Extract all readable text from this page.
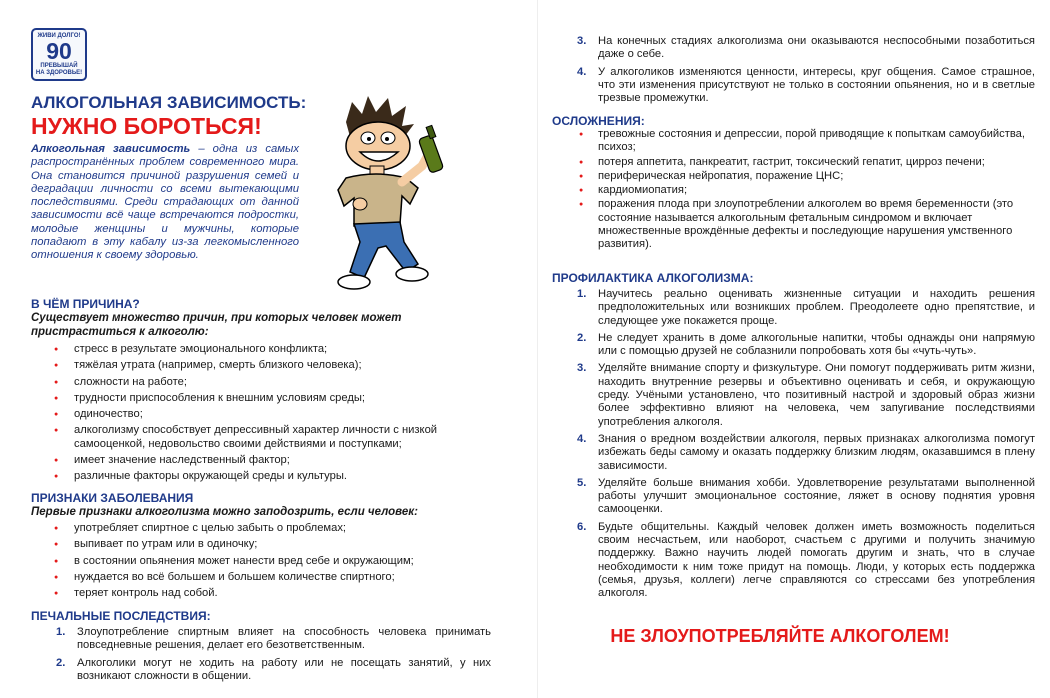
ЖИВИ ДОЛГО!
90
ПРЕВЫШАЙ
НА ЗДОРОВЬЕ!
АЛКОГОЛЬНАЯ ЗАВИСИМОСТЬ:
НУЖНО БОРОТЬСЯ!

Алкогольная зависимость – одна из самых распространённых проблем современного мира. Она становится причиной разрушения семей и деградации личности со всеми вытекающими последствиями. Среди страдающих от данной зависимости всё чаще встречаются подростки, молодые женщины и мужчины, которые попадают в эту кабалу из-за легкомысленного отношения к своему здоровью.

В ЧЁМ ПРИЧИНА?
Существует множество причин, при которых человек может пристраститься к алкоголю:
● стресс в результате эмоционального конфликта;
● тяжёлая утрата (например, смерть близкого человека);
● сложности на работе;
● трудности приспособления к внешним условиям среды;
● одиночество;
● алкоголизму способствует депрессивный характер личности с низкой самооценкой, недовольство своими действиями и поступками;
● имеет значение наследственный фактор;
● различные факторы окружающей среды и культуры.
ПРИЗНАКИ ЗАБОЛЕВАНИЯ
Первые признаки алкоголизма можно заподозрить, если человек:
● употребляет спиртное с целью забыть о проблемах;
● выпивает по утрам или в одиночку;
● в состоянии опьянения может нанести вред себе и окружающим;
● нуждается во всё большем и большем количестве спиртного;
● теряет контроль над собой.
ПЕЧАЛЬНЫЕ ПОСЛЕДСТВИЯ:
1. Злоупотребление спиртным влияет на способность человека принимать повседневные решения, делает его безответственным.
2. Алкоголики могут не ходить на работу или не посещать занятий, у них возникают сложности в общении.
3. На конечных стадиях алкоголизма они оказываются неспособными позаботиться даже о себе.
4. У алкоголиков изменяются ценности, интересы, круг общения. Самое страшное, что эти изменения присутствуют не только в состоянии опьянения, но и в светлые трезвые промежутки.
ОСЛОЖНЕНИЯ:
● тревожные состояния и депрессии, порой приводящие к попыткам самоубийства, психоз;
● потеря аппетита, панкреатит, гастрит, токсический гепатит, цирроз печени;
● периферическая нейропатия, поражение ЦНС;
● кардиомиопатия;
● поражения плода при злоупотреблении алкоголем во время беременности (это состояние называется алкогольным фетальным синдромом и включает множественные врождённые дефекты и последующие нарушения умственного развития).
ПРОФИЛАКТИКА АЛКОГОЛИЗМА:
1. Научитесь реально оценивать жизненные ситуации и находить решения предположительных или возникших проблем. Преодолеете одно препятствие, и следующее уже покажется проще.
2. Не следует хранить в доме алкогольные напитки, чтобы однажды они напрямую или с помощью друзей не соблазнили попробовать хотя бы «чуть-чуть».
3. Уделяйте внимание спорту и физкультуре. Они помогут поддерживать ритм жизни, находить внутренние резервы и объективно оценивать и себя, и окружающую среду. Учёными установлено, что позитивный настрой и здоровый образ жизни более эффективно влияют на человека, чем запугивание последствиями употребления алкоголя.
4. Знания о вредном воздействии алкоголя, первых признаках алкоголизма помогут избежать беды самому и оказать поддержку близким людям, оказавшимся в плену зависимости.
5. Уделяйте больше внимания хобби. Удовлетворение результатами выполненной работы улучшит эмоциональное состояние, ляжет в основу поднятия уровня самооценки.
6. Будьте общительны. Каждый человек должен иметь возможность поделиться своим несчастьем, или наоборот, счастьем с другими и получить значимую поддержку. Важно научить людей помогать другим и знать, что в случае необходимости к ним тоже придут на помощь. Люди, у которых есть поддержка (семья, друзья, коллеги) легче справляются со стрессами без употребления алкоголя.
НЕ ЗЛОУПОТРЕБЛЯЙТЕ АЛКОГОЛЕМ!
